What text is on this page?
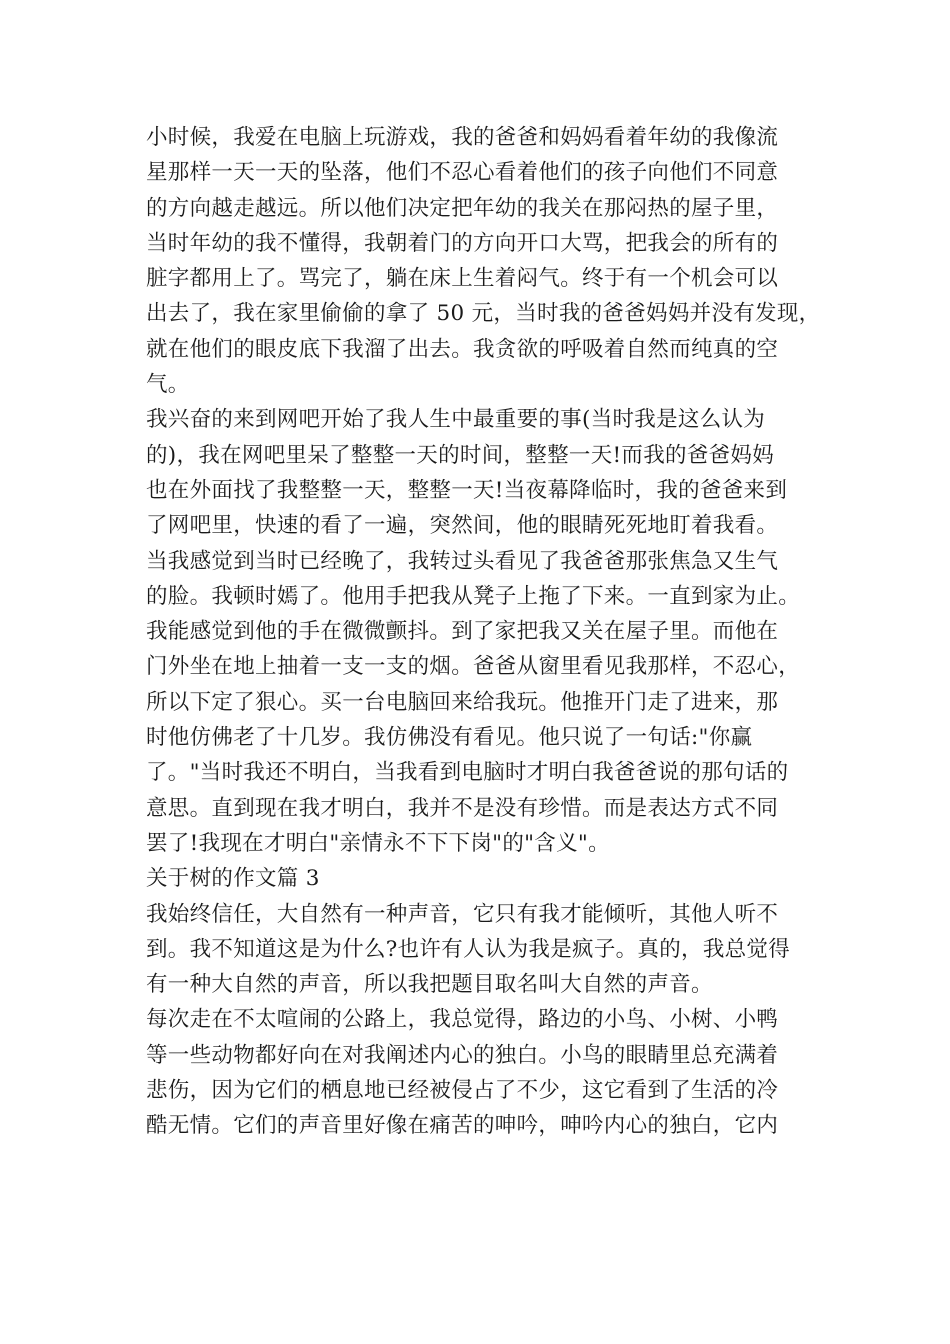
小时候，我爱在电脑上玩游戏，我的爸爸和妈妈看着年幼的我像流
星那样一天一天的坠落，他们不忍心看着他们的孩子向他们不同意
的方向越走越远。所以他们决定把年幼的我关在那闷热的屋子里，
当时年幼的我不懂得，我朝着门的方向开口大骂，把我会的所有的
脏字都用上了。骂完了，躺在床上生着闷气。终于有一个机会可以
出去了，我在家里偷偷的拿了 50 元，当时我的爸爸妈妈并没有发现，
就在他们的眼皮底下我溜了出去。我贪欲的呼吸着自然而纯真的空
气。
我兴奋的来到网吧开始了我人生中最重要的事(当时我是这么认为
的)，我在网吧里呆了整整一天的时间，整整一天!而我的爸爸妈妈
也在外面找了我整整一天，整整一天!当夜幕降临时，我的爸爸来到
了网吧里，快速的看了一遍，突然间，他的眼睛死死地盯着我看。
当我感觉到当时已经晚了，我转过头看见了我爸爸那张焦急又生气
的脸。我顿时嫣了。他用手把我从凳子上拖了下来。一直到家为止。
我能感觉到他的手在微微颤抖。到了家把我又关在屋子里。而他在
门外坐在地上抽着一支一支的烟。爸爸从窗里看见我那样，不忍心，
所以下定了狠心。买一台电脑回来给我玩。他推开门走了进来，那
时他仿佛老了十几岁。我仿佛没有看见。他只说了一句话:"你赢
了。"当时我还不明白，当我看到电脑时才明白我爸爸说的那句话的
意思。直到现在我才明白，我并不是没有珍惜。而是表达方式不同
罢了!我现在才明白"亲情永不下下岗"的"含义"。
关于树的作文篇 3
我始终信任，大自然有一种声音，它只有我才能倾听，其他人听不
到。我不知道这是为什么?也许有人认为我是疯子。真的，我总觉得
有一种大自然的声音，所以我把题目取名叫大自然的声音。
每次走在不太喧闹的公路上，我总觉得，路边的小鸟、小树、小鸭
等一些动物都好向在对我阐述内心的独白。小鸟的眼睛里总充满着
悲伤，因为它们的栖息地已经被侵占了不少，这它看到了生活的冷
酷无情。它们的声音里好像在痛苦的呻吟，呻吟内心的独白，它内
